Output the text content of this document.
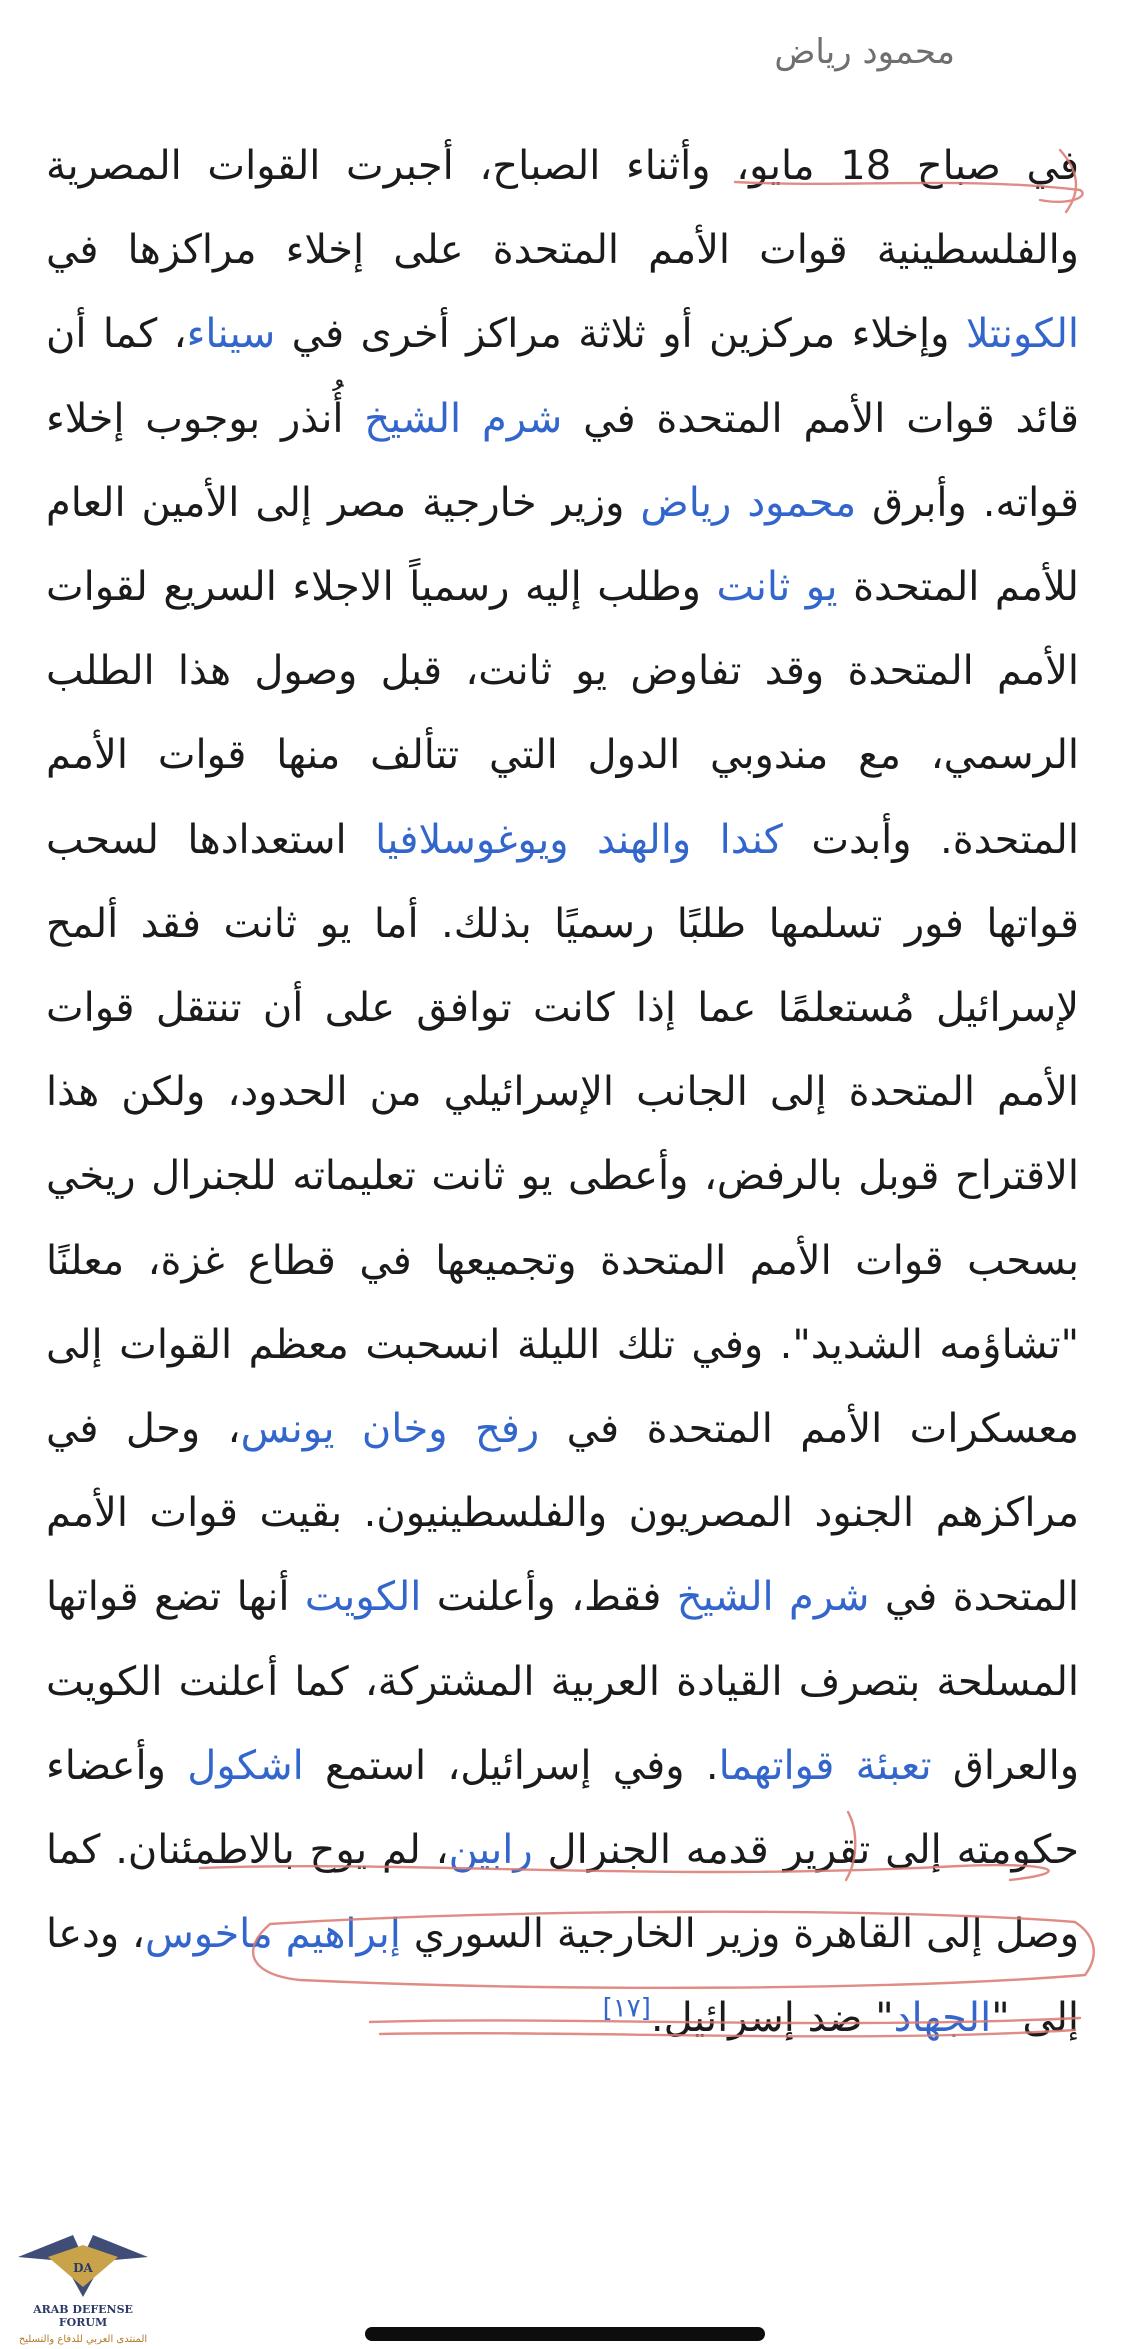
محمود رياض
في صباح 18 مايو، وأثناء الصباح، أجبرت القوات المصرية والفلسطينية قوات الأمم المتحدة على إخلاء مراكزها في الكونتلا وإخلاء مركزين أو ثلاثة مراكز أخرى في سيناء، كما أن قائد قوات الأمم المتحدة في شرم الشيخ أُنذر بوجوب إخلاء قواته. وأبرق محمود رياض وزير خارجية مصر إلى الأمين العام للأمم المتحدة يو ثانت وطلب إليه رسمياً الاجلاء السريع لقوات الأمم المتحدة وقد تفاوض يو ثانت، قبل وصول هذا الطلب الرسمي، مع مندوبي الدول التي تتألف منها قوات الأمم المتحدة. وأبدت كندا والهند ويوغوسلافيا استعدادها لسحب قواتها فور تسلمها طلبًا رسميًا بذلك. أما يو ثانت فقد ألمح لإسرائيل مُستعلمًا عما إذا كانت توافق على أن تنتقل قوات الأمم المتحدة إلى الجانب الإسرائيلي من الحدود، ولكن هذا الاقتراح قوبل بالرفض، وأعطى يو ثانت تعليماته للجنرال ريخي بسحب قوات الأمم المتحدة وتجميعها في قطاع غزة، معلنًا "تشاؤمه الشديد". وفي تلك الليلة انسحبت معظم القوات إلى معسكرات الأمم المتحدة في رفح وخان يونس، وحل في مراكزهم الجنود المصريون والفلسطينيون. بقيت قوات الأمم المتحدة في شرم الشيخ فقط، وأعلنت الكويت أنها تضع قواتها المسلحة بتصرف القيادة العربية المشتركة، كما أعلنت الكويت والعراق تعبئة قواتهما. وفي إسرائيل، استمع اشكول وأعضاء حكومته إلى تقرير قدمه الجنرال رابين، لم يوح بالاطمئنان. كما وصل إلى القاهرة وزير الخارجية السوري إبراهيم ماخوس، ودعا إلى "الجهاد" ضد إسرائيل.[١٧]
DA
ARAB DEFENSE FORUM
المنتدى العربي للدفاع والتسليح
